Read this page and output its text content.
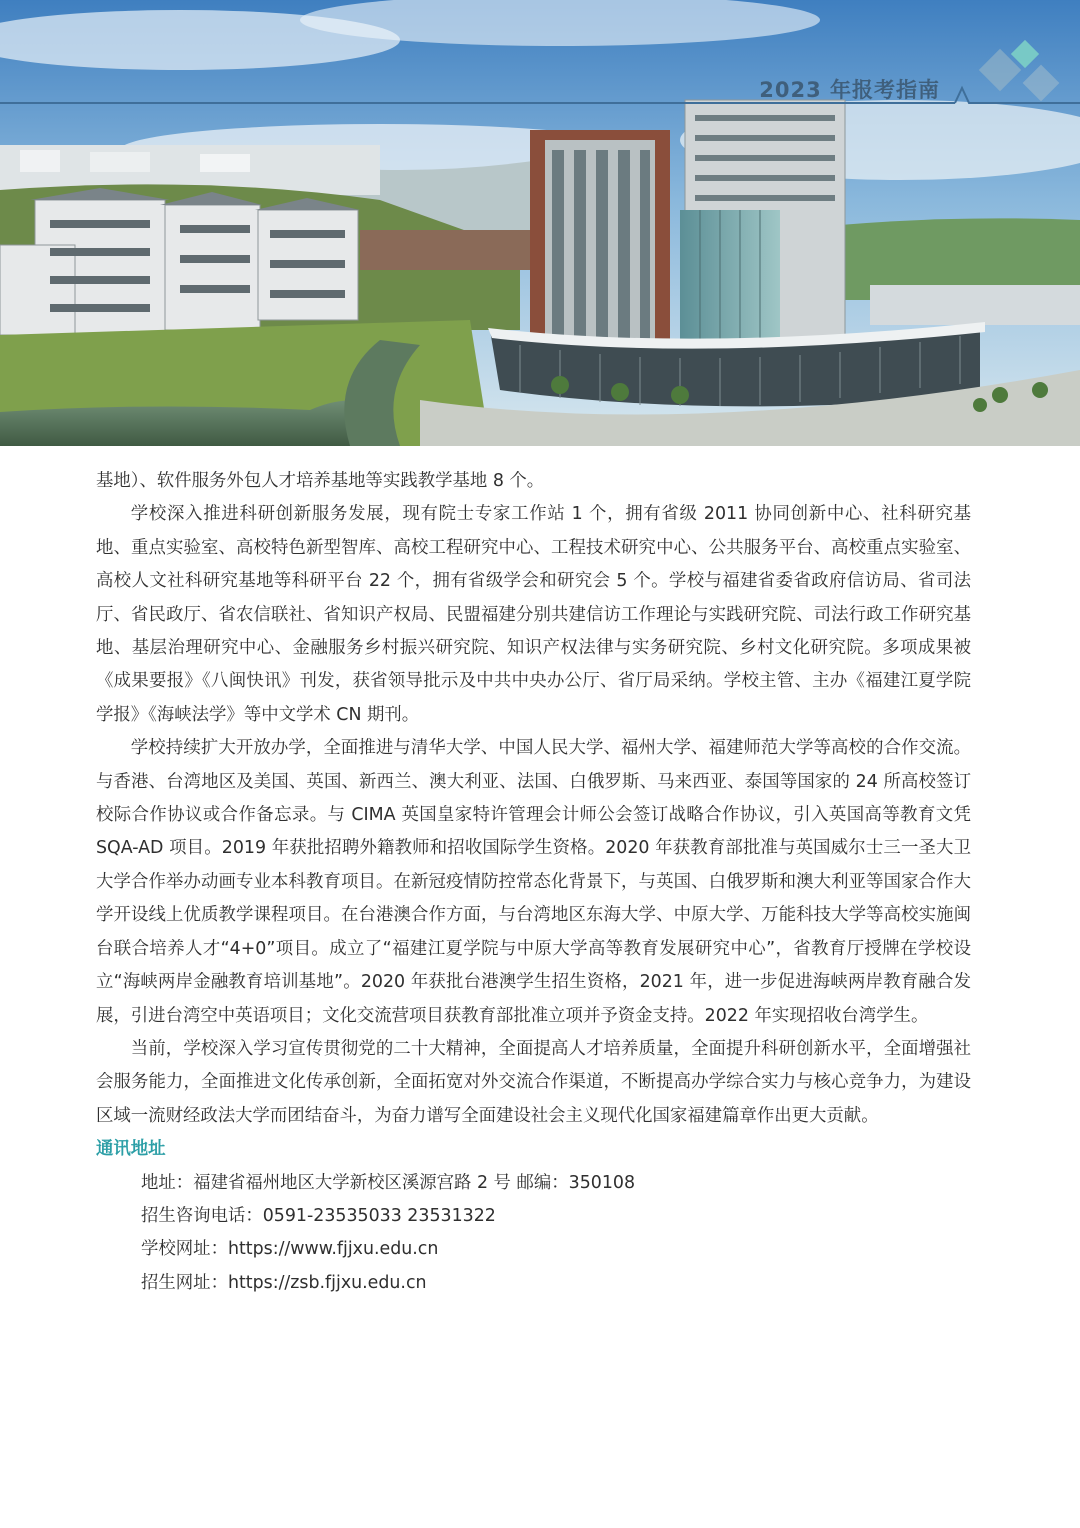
2023 年报考指南

基地）、软件服务外包人才培养基地等实践教学基地 8 个。

学校深入推进科研创新服务发展，现有院士专家工作站 1 个，拥有省级 2011 协同创新中心、社科研究基地、重点实验室、高校特色新型智库、高校工程研究中心、工程技术研究中心、公共服务平台、高校重点实验室、高校人文社科研究基地等科研平台 22 个，拥有省级学会和研究会 5 个。学校与福建省委省政府信访局、省司法厅、省民政厅、省农信联社、省知识产权局、民盟福建分别共建信访工作理论与实践研究院、司法行政工作研究基地、基层治理研究中心、金融服务乡村振兴研究院、知识产权法律与实务研究院、乡村文化研究院。多项成果被《成果要报》《八闽快讯》刊发，获省领导批示及中共中央办公厅、省厅局采纳。学校主管、主办《福建江夏学院学报》《海峡法学》等中文学术 CN 期刊。

学校持续扩大开放办学，全面推进与清华大学、中国人民大学、福州大学、福建师范大学等高校的合作交流。与香港、台湾地区及美国、英国、新西兰、澳大利亚、法国、白俄罗斯、马来西亚、泰国等国家的 24 所高校签订校际合作协议或合作备忘录。与 CIMA 英国皇家特许管理会计师公会签订战略合作协议，引入英国高等教育文凭 SQA-AD 项目。2019 年获批招聘外籍教师和招收国际学生资格。2020 年获教育部批准与英国威尔士三一圣大卫大学合作举办动画专业本科教育项目。在新冠疫情防控常态化背景下，与英国、白俄罗斯和澳大利亚等国家合作大学开设线上优质教学课程项目。在台港澳合作方面，与台湾地区东海大学、中原大学、万能科技大学等高校实施闽台联合培养人才“4+0”项目。成立了“福建江夏学院与中原大学高等教育发展研究中心”，省教育厅授牌在学校设立“海峡两岸金融教育培训基地”。2020 年获批台港澳学生招生资格，2021 年，进一步促进海峡两岸教育融合发展，引进台湾空中英语项目；文化交流营项目获教育部批准立项并予资金支持。2022 年实现招收台湾学生。

当前，学校深入学习宣传贯彻党的二十大精神，全面提高人才培养质量，全面提升科研创新水平，全面增强社会服务能力，全面推进文化传承创新，全面拓宽对外交流合作渠道，不断提高办学综合实力与核心竞争力，为建设区域一流财经政法大学而团结奋斗，为奋力谱写全面建设社会主义现代化国家福建篇章作出更大贡献。

通讯地址

地址：福建省福州地区大学新校区溪源宫路 2 号 邮编：350108

招生咨询电话：0591-23535033 23531322

学校网址：https://www.fjjxu.edu.cn

招生网址：https://zsb.fjjxu.edu.cn
